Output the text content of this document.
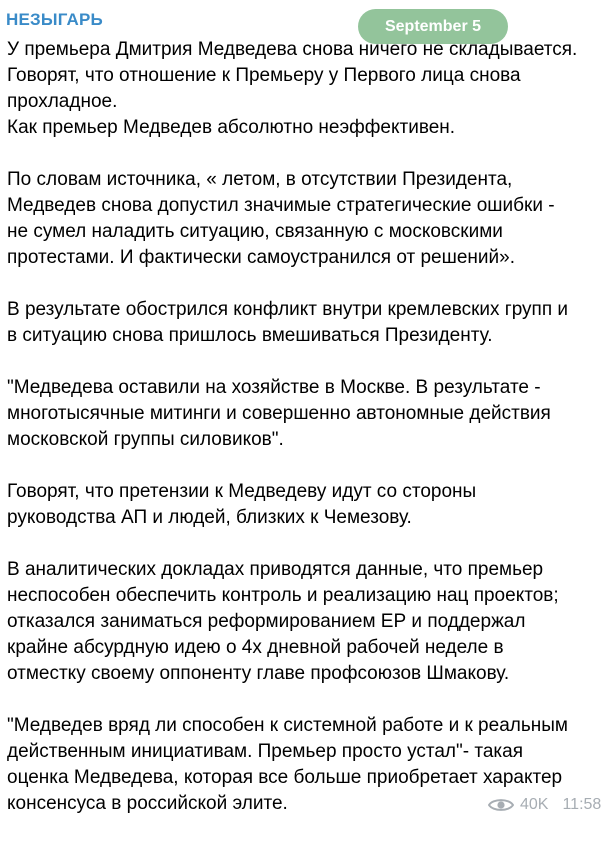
НЕЗЫГАРЬ	September 5
У премьера Дмитрия Медведева снова ничего не складывается.
Говорят, что отношение к Премьеру у Первого лица снова
прохладное.
Как премьер Медведев абсолютно неэффективен.
По словам источника, « летом, в отсутствии Президента,
Медведев снова допустил значимые стратегические ошибки -
не сумел наладить ситуацию, связанную с московскими
протестами. И фактически самоустранился от решений».
В результате обострился конфликт внутри кремлевских групп и
в ситуацию снова пришлось вмешиваться Президенту.
"Медведева оставили на хозяйстве в Москве. В результате -
многотысячные митинги и совершенно автономные действия
московской группы силовиков".
Говорят, что претензии к Медведеву идут со стороны
руководства АП и людей, близких к Чемезову.
В аналитических докладах приводятся данные, что премьер
неспособен обеспечить контроль и реализацию нац проектов;
отказался заниматься реформированием ЕР и поддержал
крайне абсурдную идею о 4х дневной рабочей неделе в
отместку своему оппоненту главе профсоюзов Шмакову.
"Медведев вряд ли способен к системной работе и к реальным
действенным инициативам. Премьер просто устал"- такая
оценка Медведева, которая все больше приобретает характер
консенсуса в российской элите.	40K 11:58
